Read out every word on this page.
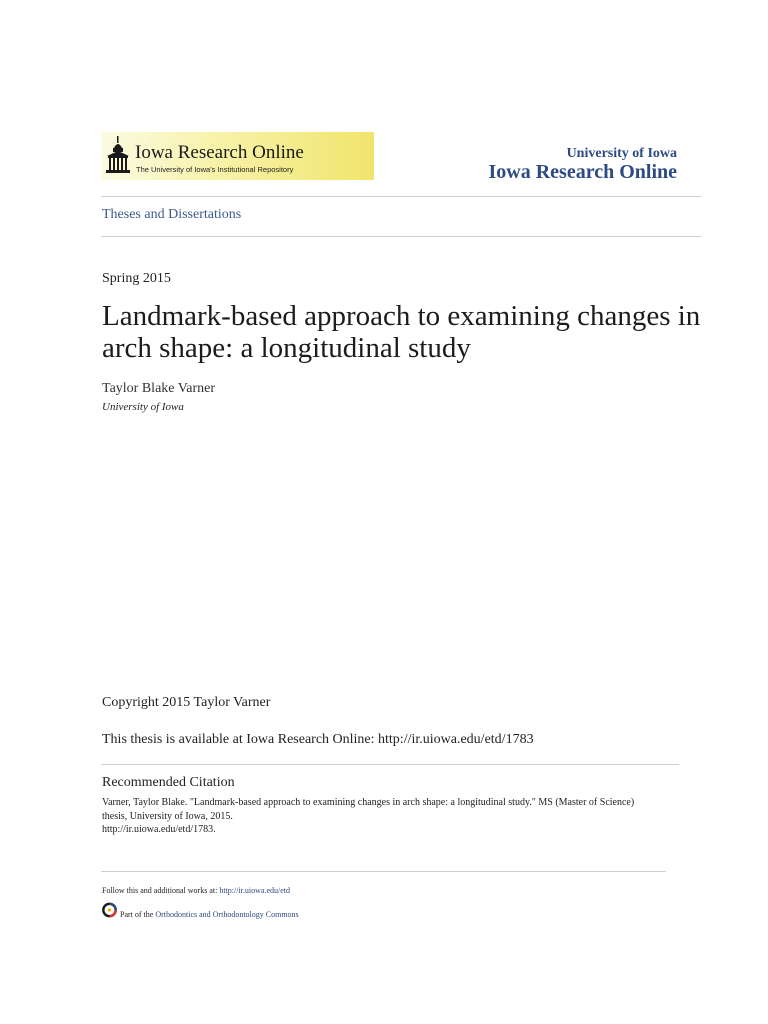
Iowa Research Online
The University of Iowa's Institutional Repository
University of Iowa
Iowa Research Online
Theses and Dissertations
Spring 2015
Landmark-based approach to examining changes in arch shape: a longitudinal study
Taylor Blake Varner
University of Iowa
Copyright 2015 Taylor Varner
This thesis is available at Iowa Research Online: http://ir.uiowa.edu/etd/1783
Recommended Citation

Varner, Taylor Blake. "Landmark-based approach to examining changes in arch shape: a longitudinal study." MS (Master of Science)
thesis, University of Iowa, 2015.
http://ir.uiowa.edu/etd/1783.

Follow this and additional works at: http://ir.uiowa.edu/etd
Part of the Orthodontics and Orthodontology Commons
